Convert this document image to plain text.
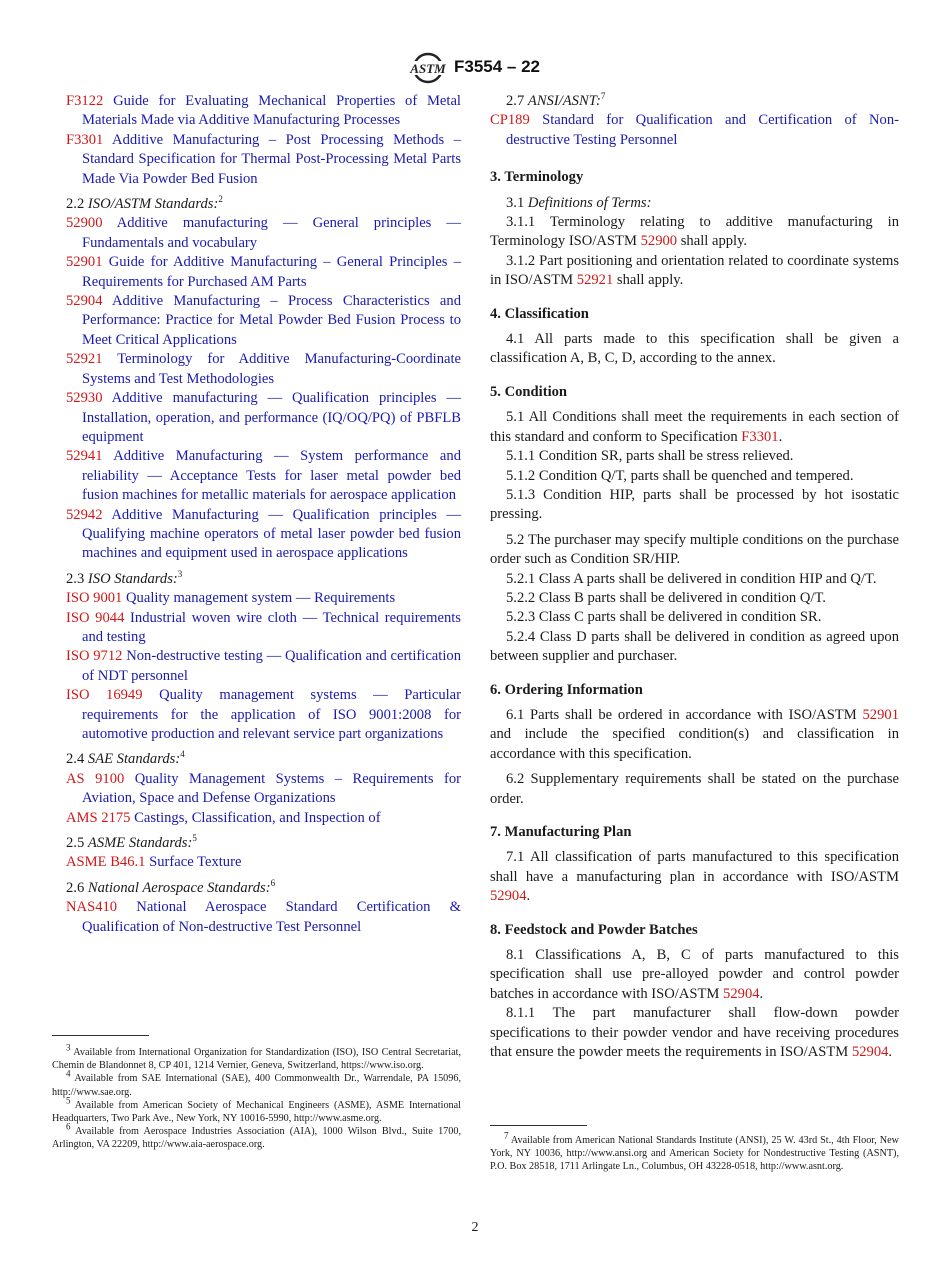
ASTM F3554 – 22

F3122 Guide for Evaluating Mechanical Properties of Metal Materials Made via Additive Manufacturing Processes

F3301 Additive Manufacturing – Post Processing Methods – Standard Specification for Thermal Post-Processing Metal Parts Made Via Powder Bed Fusion

2.2 ISO/ASTM Standards:$^2$

52900 Additive manufacturing — General principles — Fundamentals and vocabulary

52901 Guide for Additive Manufacturing – General Principles – Requirements for Purchased AM Parts

52904 Additive Manufacturing – Process Characteristics and Performance: Practice for Metal Powder Bed Fusion Process to Meet Critical Applications

52921 Terminology for Additive Manufacturing-Coordinate Systems and Test Methodologies

52930 Additive manufacturing — Qualification principles — Installation, operation, and performance (IQ/OQ/PQ) of PBFLB equipment

52941 Additive Manufacturing — System performance and reliability — Acceptance Tests for laser metal powder bed fusion machines for metallic materials for aerospace application

52942 Additive Manufacturing — Qualification principles — Qualifying machine operators of metal laser powder bed fusion machines and equipment used in aerospace applications

2.3 ISO Standards:$^3$

ISO 9001 Quality management system — Requirements

ISO 9044 Industrial woven wire cloth — Technical requirements and testing

ISO 9712 Non-destructive testing — Qualification and certification of NDT personnel

ISO 16949 Quality management systems — Particular requirements for the application of ISO 9001:2008 for automotive production and relevant service part organizations

2.4 SAE Standards:$^4$

AS 9100 Quality Management Systems – Requirements for Aviation, Space and Defense Organizations

AMS 2175 Castings, Classification, and Inspection of

2.5 ASME Standards:$^5$

ASME B46.1 Surface Texture

2.6 National Aerospace Standards:$^6$

NAS410 National Aerospace Standard Certification & Qualification of Non-destructive Test Personnel

$^3$ Available from International Organization for Standardization (ISO), ISO Central Secretariat, Chemin de Blandonnet 8, CP 401, 1214 Vernier, Geneva, Switzerland, https://www.iso.org.

$^4$ Available from SAE International (SAE), 400 Commonwealth Dr., Warrendale, PA 15096, http://www.sae.org.

$^5$ Available from American Society of Mechanical Engineers (ASME), ASME International Headquarters, Two Park Ave., New York, NY 10016-5990, http://www.asme.org.

$^6$ Available from Aerospace Industries Association (AIA), 1000 Wilson Blvd., Suite 1700, Arlington, VA 22209, http://www.aia-aerospace.org.

2.7 ANSI/ASNT:$^7$

CP189 Standard for Qualification and Certification of Non-destructive Testing Personnel

3. Terminology

3.1 Definitions of Terms:

3.1.1 Terminology relating to additive manufacturing in Terminology ISO/ASTM 52900 shall apply.

3.1.2 Part positioning and orientation related to coordinate systems in ISO/ASTM 52921 shall apply.

4. Classification

4.1 All parts made to this specification shall be given a classification A, B, C, D, according to the annex.

5. Condition

5.1 All Conditions shall meet the requirements in each section of this standard and conform to Specification F3301.

5.1.1 Condition SR, parts shall be stress relieved.

5.1.2 Condition Q/T, parts shall be quenched and tempered.

5.1.3 Condition HIP, parts shall be processed by hot isostatic pressing.

5.2 The purchaser may specify multiple conditions on the purchase order such as Condition SR/HIP.

5.2.1 Class A parts shall be delivered in condition HIP and Q/T.

5.2.2 Class B parts shall be delivered in condition Q/T.

5.2.3 Class C parts shall be delivered in condition SR.

5.2.4 Class D parts shall be delivered in condition as agreed upon between supplier and purchaser.

6. Ordering Information

6.1 Parts shall be ordered in accordance with ISO/ASTM 52901 and include the specified condition(s) and classification in accordance with this specification.

6.2 Supplementary requirements shall be stated on the purchase order.

7. Manufacturing Plan

7.1 All classification of parts manufactured to this specification shall have a manufacturing plan in accordance with ISO/ASTM 52904.

8. Feedstock and Powder Batches

8.1 Classifications A, B, C of parts manufactured to this specification shall use pre-alloyed powder and control powder batches in accordance with ISO/ASTM 52904.

8.1.1 The part manufacturer shall flow-down powder specifications to their powder vendor and have receiving procedures that ensure the powder meets the requirements in ISO/ASTM 52904.

$^7$ Available from American National Standards Institute (ANSI), 25 W. 43rd St., 4th Floor, New York, NY 10036, http://www.ansi.org and American Society for Nondestructive Testing (ASNT), P.O. Box 28518, 1711 Arlingate Ln., Columbus, OH 43228-0518, http://www.asnt.org.

2
